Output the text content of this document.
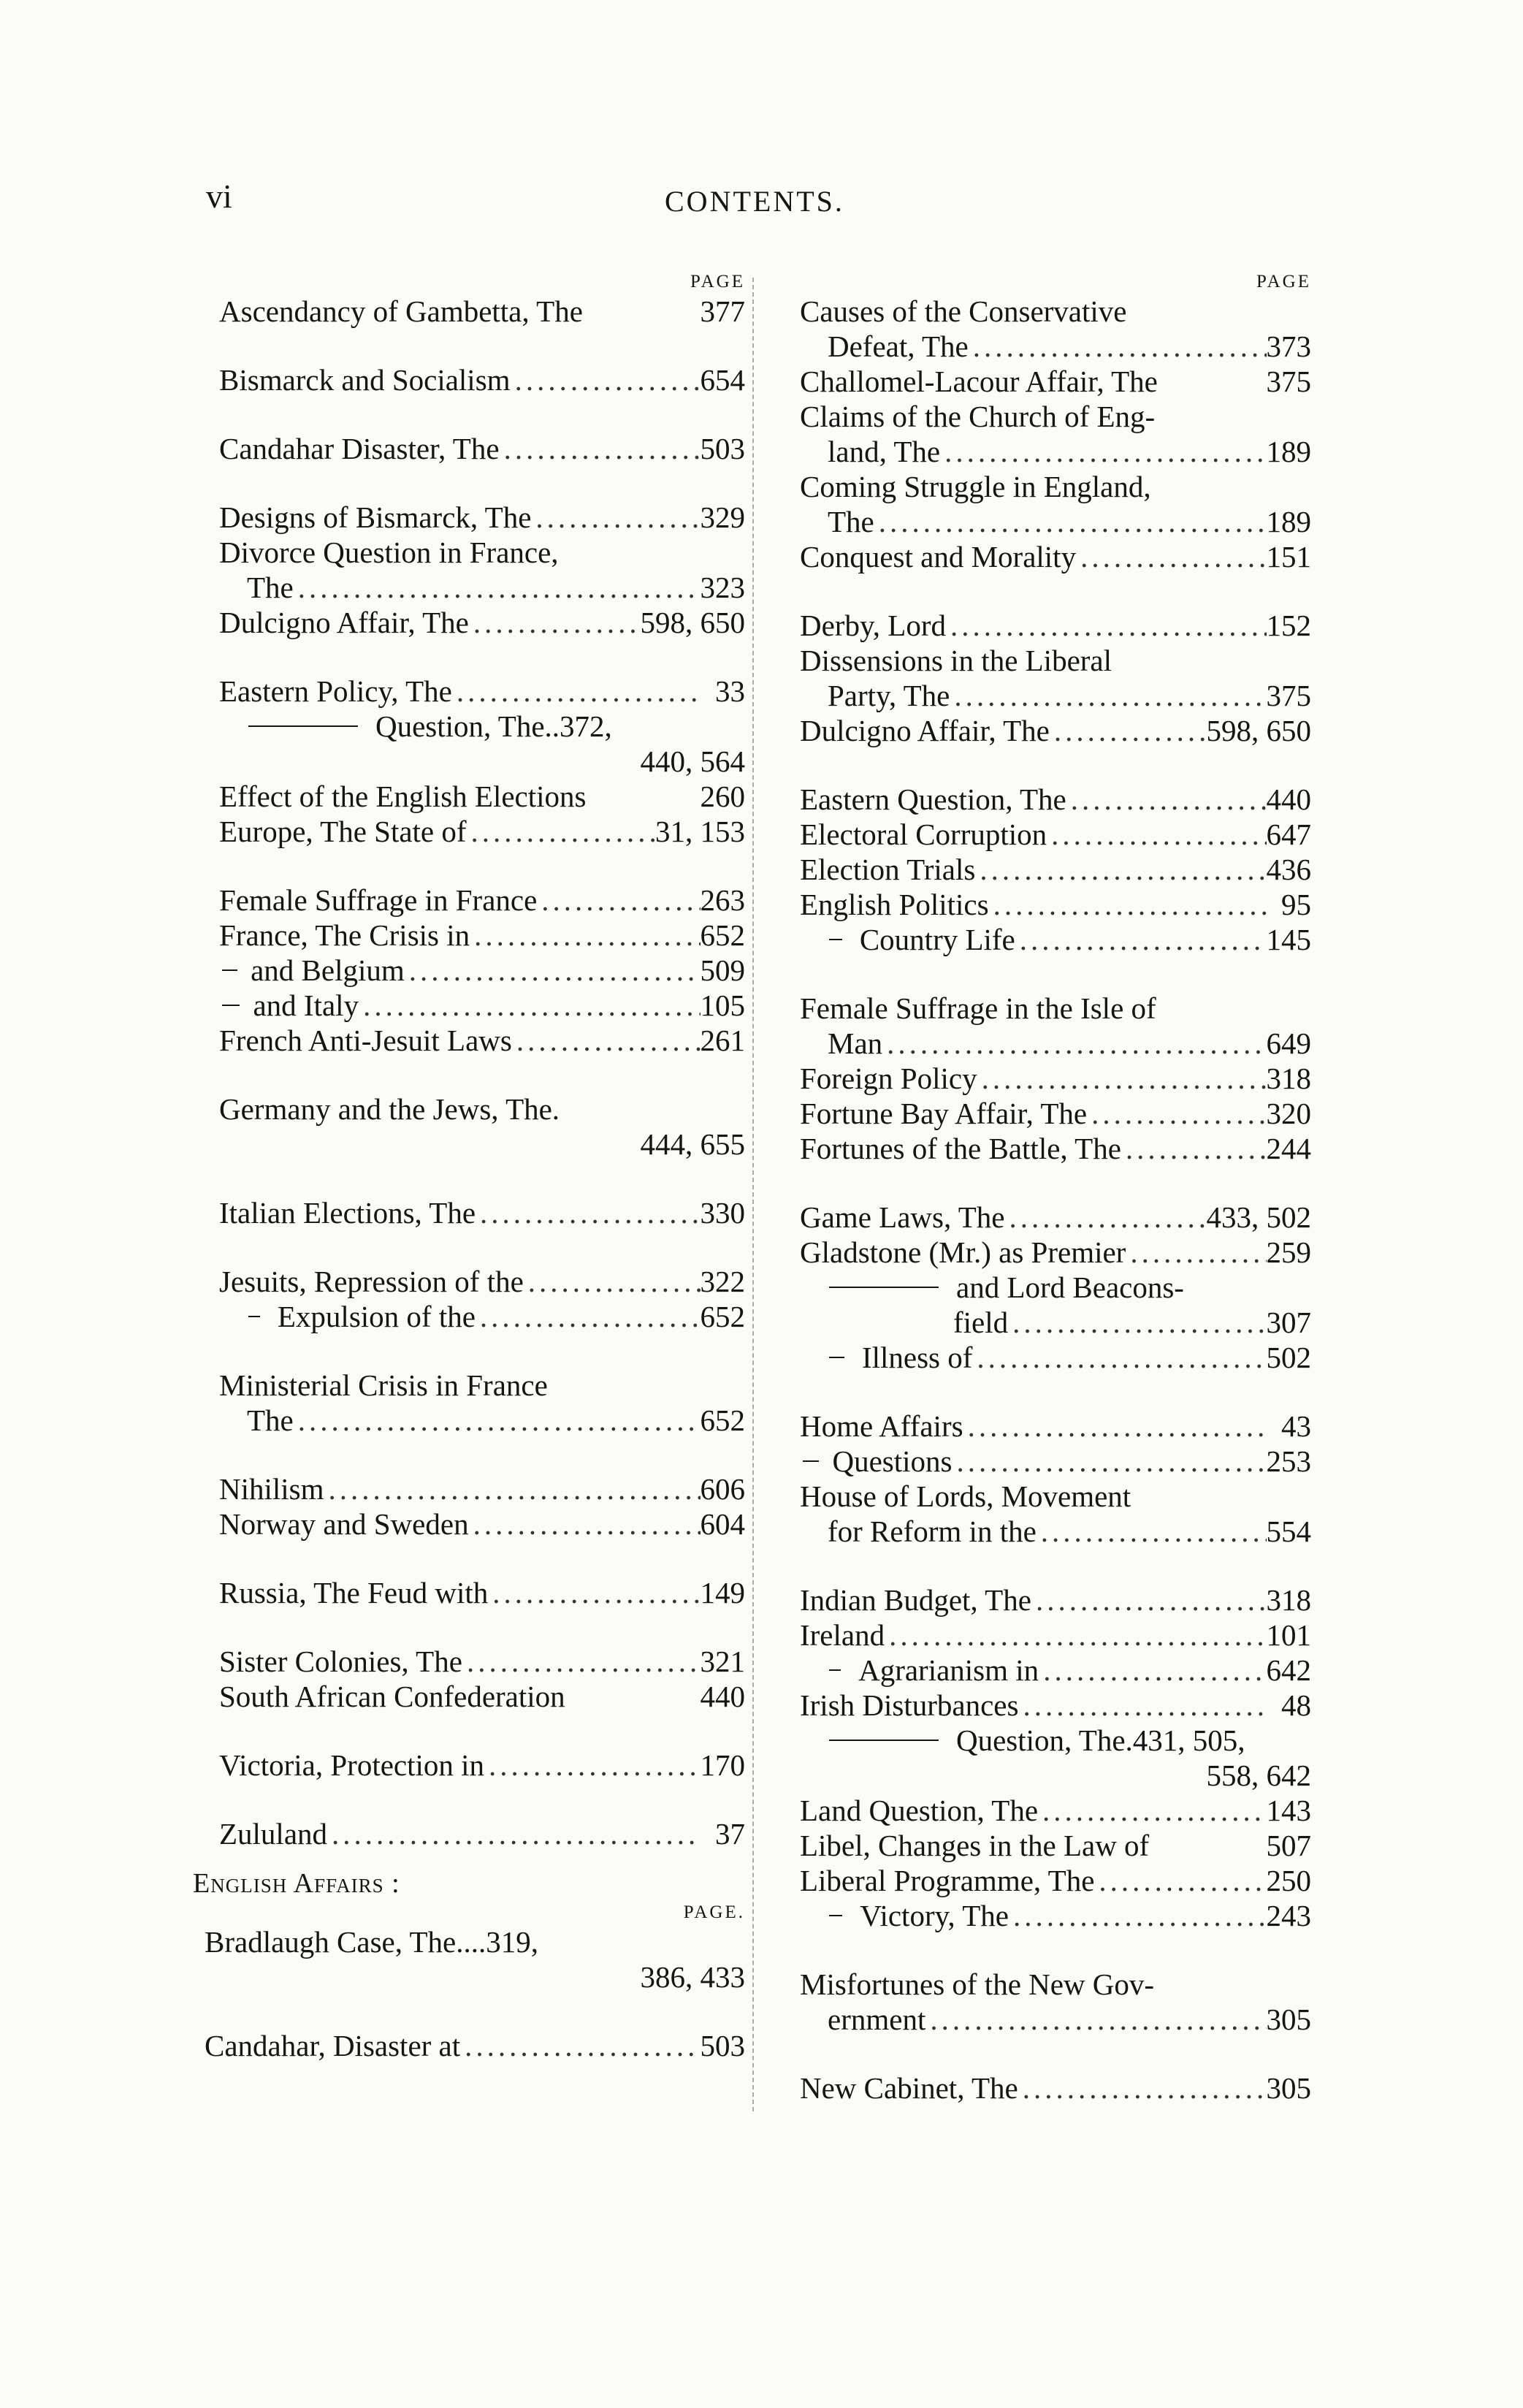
vi	CONTENTS.
PAGE
Ascendancy of Gambetta, The	377
Bismarck and Socialism .....	654
Candahar Disaster, The .....	503
Designs of Bismarck, The .....	329
Divorce Question in France,
The .....	323
Dulcigno Affair, The .....	598, 650
Eastern Policy, The .....	33
Question, The..372,
440, 564
Effect of the English Elections	260
Europe, The State of .....	31, 153
Female Suffrage in France .....	263
France, The Crisis in .....	652
and Belgium .....	509
and Italy .....	105
French Anti-Jesuit Laws .....	261
Germany and the Jews, The.
444, 655
Italian Elections, The .....	330
Jesuits, Repression of the .....	322
Expulsion of the .....	652
Ministerial Crisis in France
The .....	652
Nihilism .....	606
Norway and Sweden .....	604
Russia, The Feud with .....	149
Sister Colonies, The .....	321
South African Confederation	440
Victoria, Protection in .....	170
Zululand .....	37
English Affairs :
PAGE.
Bradlaugh Case, The....319,
386, 433
Candahar, Disaster at .....	503
PAGE
Causes of the Conservative
Defeat, The .....	373
Challomel-Lacour Affair, The	375
Claims of the Church of Eng-
land, The .....	189
Coming Struggle in England,
The .....	189
Conquest and Morality .....	151
Derby, Lord .....	152
Dissensions in the Liberal
Party, The .....	375
Dulcigno Affair, The .....	598, 650
Eastern Question, The .....	440
Electoral Corruption .....	647
Election Trials .....	436
English Politics .....	95
Country Life .....	145
Female Suffrage in the Isle of
Man .....	649
Foreign Policy .....	318
Fortune Bay Affair, The .....	320
Fortunes of the Battle, The .....	244
Game Laws, The .....	433, 502
Gladstone (Mr.) as Premier .....	259
and Lord Beacons-
field .....	307
Illness of .....	502
Home Affairs .....	43
Questions .....	253
House of Lords, Movement
for Reform in the .....	554
Indian Budget, The .....	318
Ireland .....	101
Agrarianism in .....	642
Irish Disturbances .....	48
Question, The.431, 505,
558, 642
Land Question, The .....	143
Libel, Changes in the Law of	507
Liberal Programme, The .....	250
Victory, The .....	243
Misfortunes of the New Gov-
ernment .....	305
New Cabinet, The .....	305
